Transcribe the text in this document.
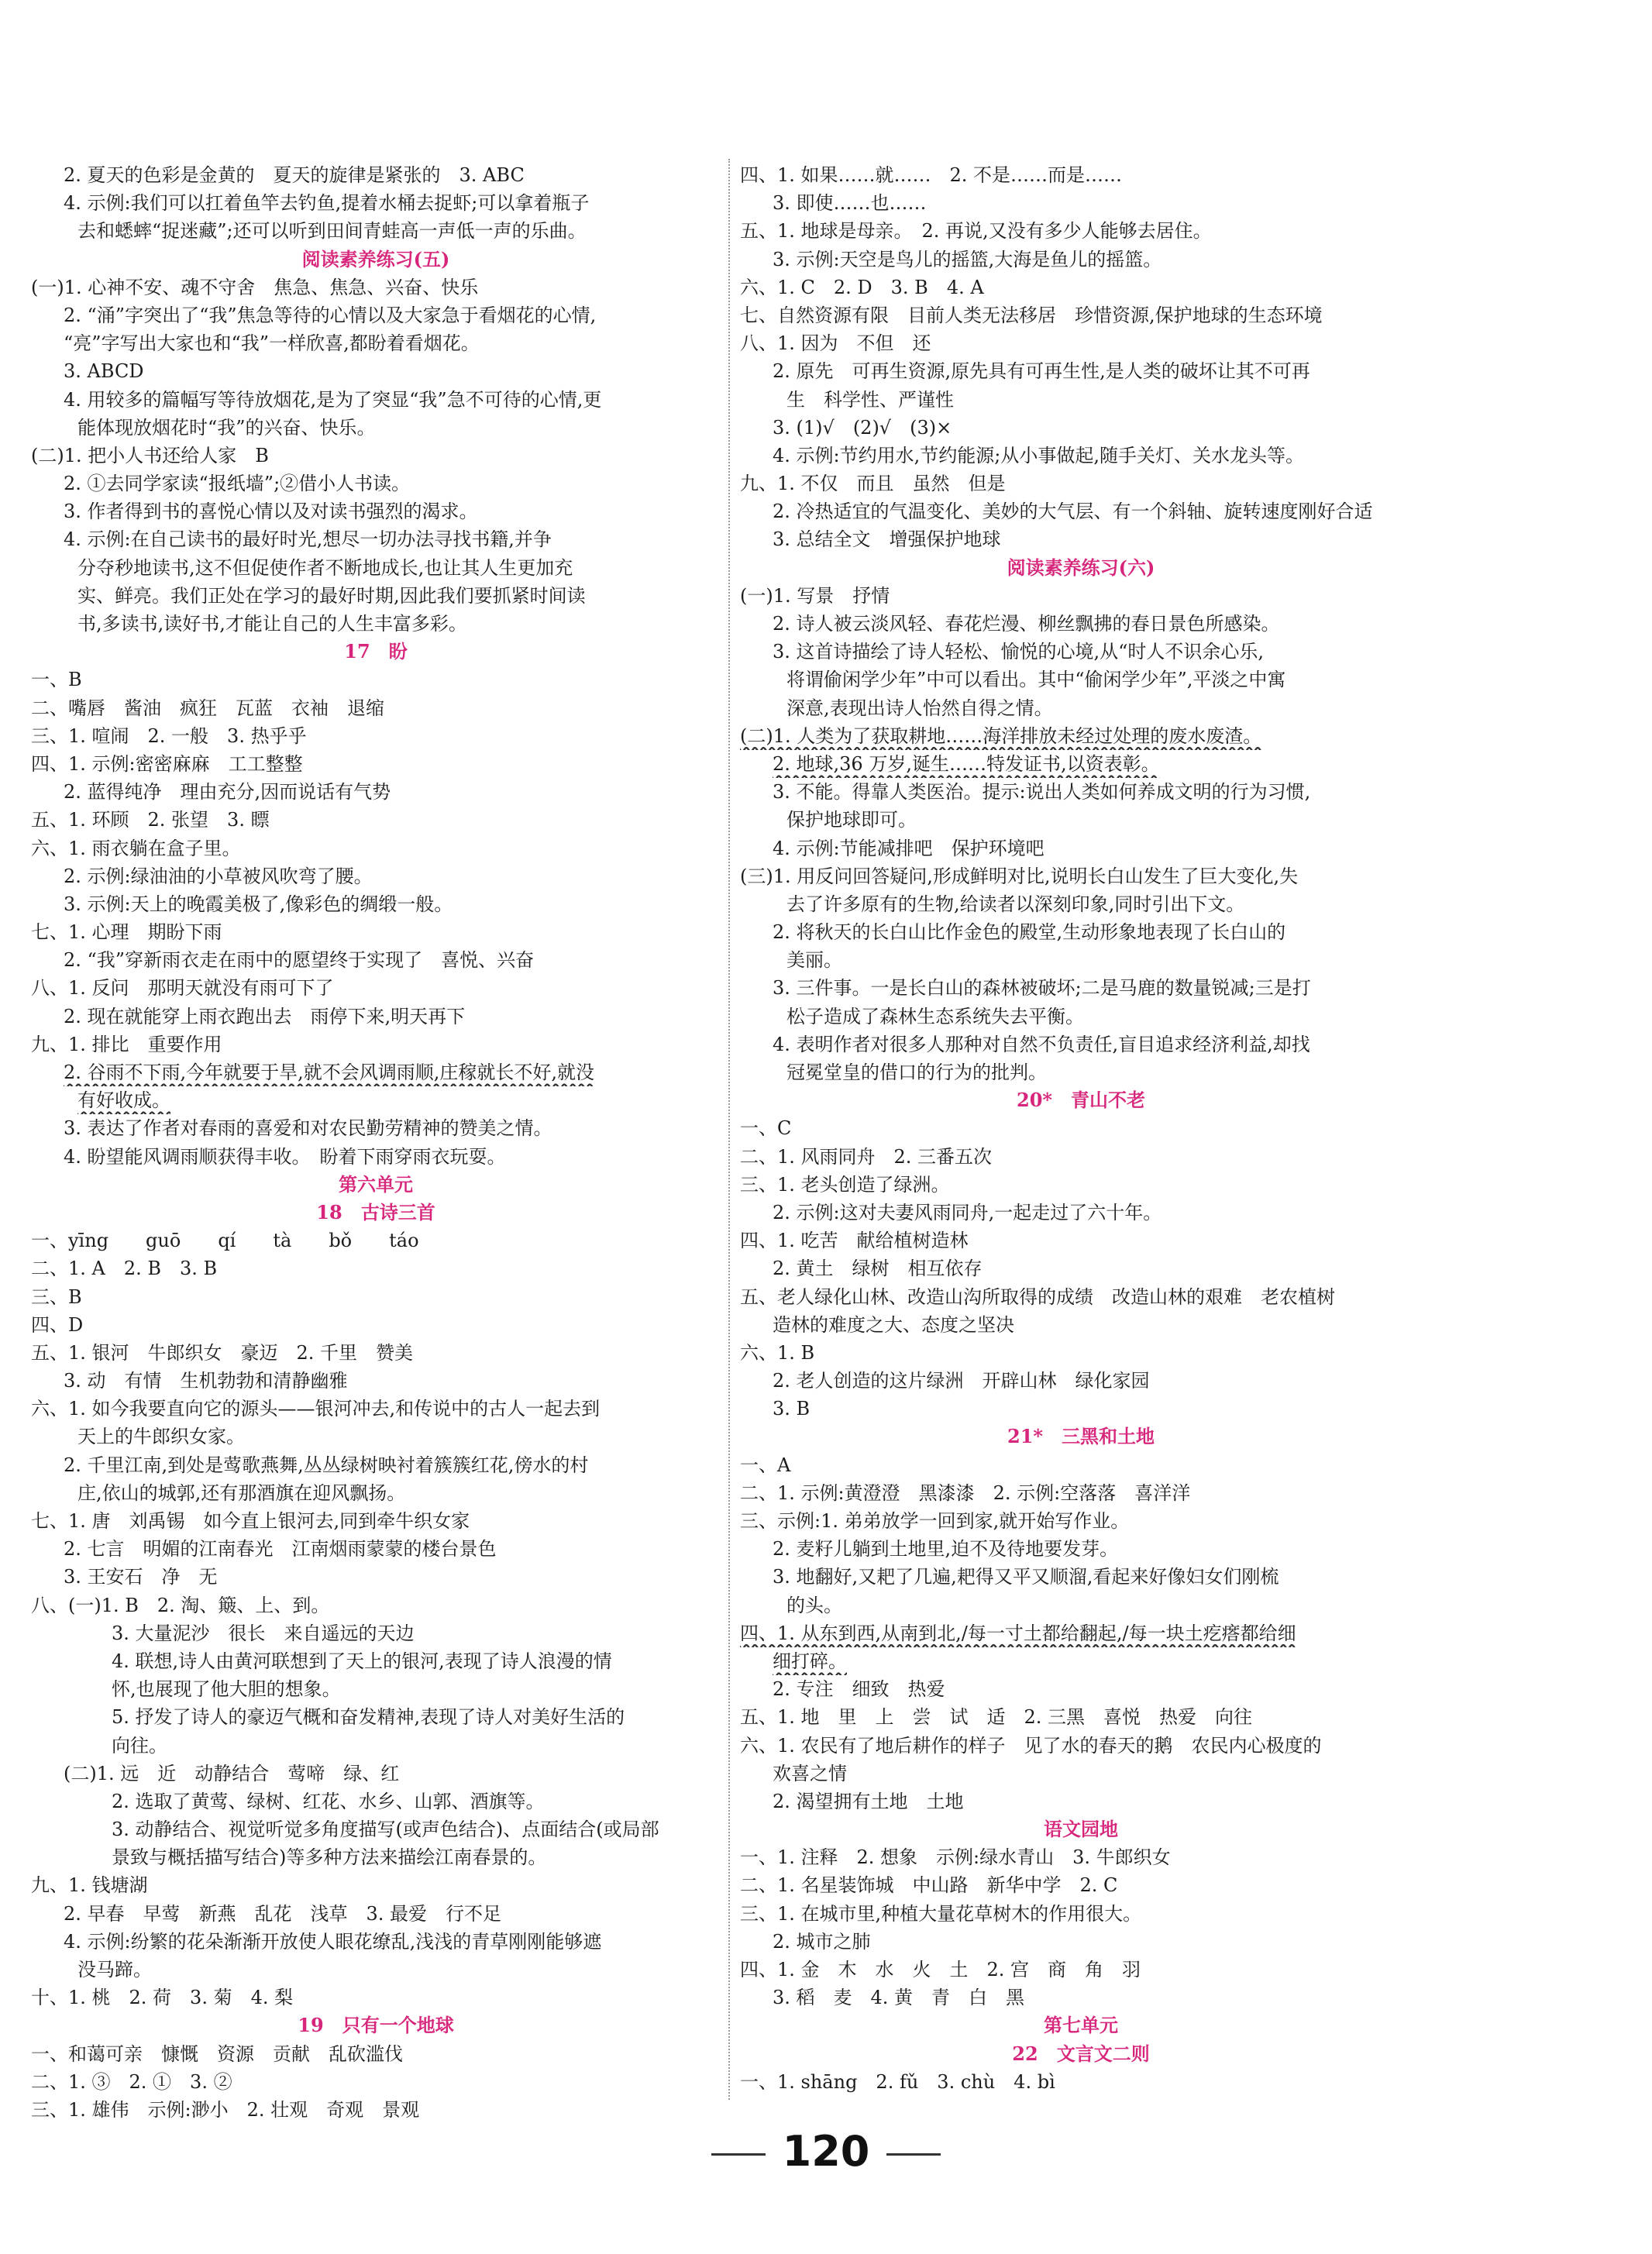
2. 夏天的色彩是金黄的　夏天的旋律是紧张的　3. ABC
4. 示例:我们可以扛着鱼竿去钓鱼,提着水桶去捉虾;可以拿着瓶子
去和蟋蟀“捉迷藏”;还可以听到田间青蛙高一声低一声的乐曲。
阅读素养练习(五)
(一)1. 心神不安、魂不守舍　焦急、焦急、兴奋、快乐
2. “涌”字突出了“我”焦急等待的心情以及大家急于看烟花的心情,
“亮”字写出大家也和“我”一样欣喜,都盼着看烟花。
3. ABCD
4. 用较多的篇幅写等待放烟花,是为了突显“我”急不可待的心情,更
能体现放烟花时“我”的兴奋、快乐。
(二)1. 把小人书还给人家　B
2. ①去同学家读“报纸墙”;②借小人书读。
3. 作者得到书的喜悦心情以及对读书强烈的渴求。
4. 示例:在自己读书的最好时光,想尽一切办法寻找书籍,并争
分夺秒地读书,这不但促使作者不断地成长,也让其人生更加充
实、鲜亮。我们正处在学习的最好时期,因此我们要抓紧时间读
书,多读书,读好书,才能让自己的人生丰富多彩。
17　盼
一、B
二、嘴唇　酱油　疯狂　瓦蓝　衣袖　退缩
三、1. 喧闹　2. 一般　3. 热乎乎
四、1. 示例:密密麻麻　工工整整
2. 蓝得纯净　理由充分,因而说话有气势
五、1. 环顾　2. 张望　3. 瞟
六、1. 雨衣躺在盒子里。
2. 示例:绿油油的小草被风吹弯了腰。
3. 示例:天上的晚霞美极了,像彩色的绸缎一般。
七、1. 心理　期盼下雨
2. “我”穿新雨衣走在雨中的愿望终于实现了　喜悦、兴奋
八、1. 反问　那明天就没有雨可下了
2. 现在就能穿上雨衣跑出去　雨停下来,明天再下
九、1. 排比　重要作用
2. 谷雨不下雨,今年就要于旱,就不会风调雨顺,庄稼就长不好,就没
有好收成。
3. 表达了作者对春雨的喜爱和对农民勤劳精神的赞美之情。
4. 盼望能风调雨顺获得丰收。　盼着下雨穿雨衣玩耍。
第六单元
18　古诗三首
一、yīng　　guō　　qí　　tà　　bǒ　　táo
二、1. A　2. B　3. B
三、B
四、D
五、1. 银河　牛郎织女　豪迈　2. 千里　赞美
3. 动　有情　生机勃勃和清静幽雅
六、1. 如今我要直向它的源头——银河冲去,和传说中的古人一起去到
天上的牛郎织女家。
2. 千里江南,到处是莺歌燕舞,丛丛绿树映衬着簇簇红花,傍水的村
庄,依山的城郭,还有那酒旗在迎风飘扬。
七、1. 唐　刘禹锡　如今直上银河去,同到牵牛织女家
2. 七言　明媚的江南春光　江南烟雨蒙蒙的楼台景色
3. 王安石　净　无
八、(一)1. B　2. 淘、簸、上、到。
3. 大量泥沙　很长　来自遥远的天边
4. 联想,诗人由黄河联想到了天上的银河,表现了诗人浪漫的情
怀,也展现了他大胆的想象。
5. 抒发了诗人的豪迈气概和奋发精神,表现了诗人对美好生活的
向往。
(二)1. 远　近　动静结合　莺啼　绿、红
2. 选取了黄莺、绿树、红花、水乡、山郭、酒旗等。
3. 动静结合、视觉听觉多角度描写(或声色结合)、点面结合(或局部
景致与概括描写结合)等多种方法来描绘江南春景的。
九、1. 钱塘湖
2. 早春　早莺　新燕　乱花　浅草　3. 最爱　行不足
4. 示例:纷繁的花朵渐渐开放使人眼花缭乱,浅浅的青草刚刚能够遮
没马蹄。
十、1. 桃　2. 荷　3. 菊　4. 梨
19　只有一个地球
一、和蔼可亲　慷慨　资源　贡献　乱砍滥伐
二、1. ③　2. ①　3. ②
三、1. 雄伟　示例:渺小　2. 壮观　奇观　景观
四、1. 如果……就……　2. 不是……而是……
3. 即使……也……
五、1. 地球是母亲。　2. 再说,又没有多少人能够去居住。
3. 示例:天空是鸟儿的摇篮,大海是鱼儿的摇篮。
六、1. C　2. D　3. B　4. A
七、自然资源有限　目前人类无法移居　珍惜资源,保护地球的生态环境
八、1. 因为　不但　还
2. 原先　可再生资源,原先具有可再生性,是人类的破坏让其不可再
生　科学性、严谨性
3. (1)√　(2)√　(3)×
4. 示例:节约用水,节约能源;从小事做起,随手关灯、关水龙头等。
九、1. 不仅　而且　虽然　但是
2. 冷热适宜的气温变化、美妙的大气层、有一个斜轴、旋转速度刚好合适
3. 总结全文　增强保护地球
阅读素养练习(六)
(一)1. 写景　抒情
2. 诗人被云淡风轻、春花烂漫、柳丝飘拂的春日景色所感染。
3. 这首诗描绘了诗人轻松、愉悦的心境,从“时人不识余心乐,
将谓偷闲学少年”中可以看出。其中“偷闲学少年”,平淡之中寓
深意,表现出诗人怡然自得之情。
(二)1. 人类为了获取耕地……海洋排放未经过处理的废水废渣。
2. 地球,36 万岁,诞生……特发证书,以资表彰。
3. 不能。得靠人类医治。提示:说出人类如何养成文明的行为习惯,
保护地球即可。
4. 示例:节能减排吧　保护环境吧
(三)1. 用反问回答疑问,形成鲜明对比,说明长白山发生了巨大变化,失
去了许多原有的生物,给读者以深刻印象,同时引出下文。
2. 将秋天的长白山比作金色的殿堂,生动形象地表现了长白山的
美丽。
3. 三件事。一是长白山的森林被破坏;二是马鹿的数量锐减;三是打
松子造成了森林生态系统失去平衡。
4. 表明作者对很多人那种对自然不负责任,盲目追求经济利益,却找
冠冕堂皇的借口的行为的批判。
20*　青山不老
一、C
二、1. 风雨同舟　2. 三番五次
三、1. 老头创造了绿洲。
2. 示例:这对夫妻风雨同舟,一起走过了六十年。
四、1. 吃苦　献给植树造林
2. 黄土　绿树　相互依存
五、老人绿化山林、改造山沟所取得的成绩　改造山林的艰难　老农植树
造林的难度之大、态度之坚决
六、1. B
2. 老人创造的这片绿洲　开辟山林　绿化家园
3. B
21*　三黑和土地
一、A
二、1. 示例:黄澄澄　黑漆漆　2. 示例:空落落　喜洋洋
三、示例:1. 弟弟放学一回到家,就开始写作业。
2. 麦籽儿躺到土地里,迫不及待地要发芽。
3. 地翻好,又耙了几遍,耙得又平又顺溜,看起来好像妇女们刚梳
的头。
四、1. 从东到西,从南到北,/每一寸土都给翻起,/每一块土疙瘩都给细
细打碎。
2. 专注　细致　热爱
五、1. 地　里　上　尝　试　适　2. 三黑　喜悦　热爱　向往
六、1. 农民有了地后耕作的样子　见了水的春天的鹅　农民内心极度的
欢喜之情
2. 渴望拥有土地　土地
语文园地
一、1. 注释　2. 想象　示例:绿水青山　3. 牛郎织女
二、1. 名星装饰城　中山路　新华中学　2. C
三、1. 在城市里,种植大量花草树木的作用很大。
2. 城市之肺
四、1. 金　木　水　火　土　2. 宫　商　角　羽
3. 稻　麦　4. 黄　青　白　黑
第七单元
22　文言文二则
一、1. shāng　2. fǔ　3. chù　4. bì
120
